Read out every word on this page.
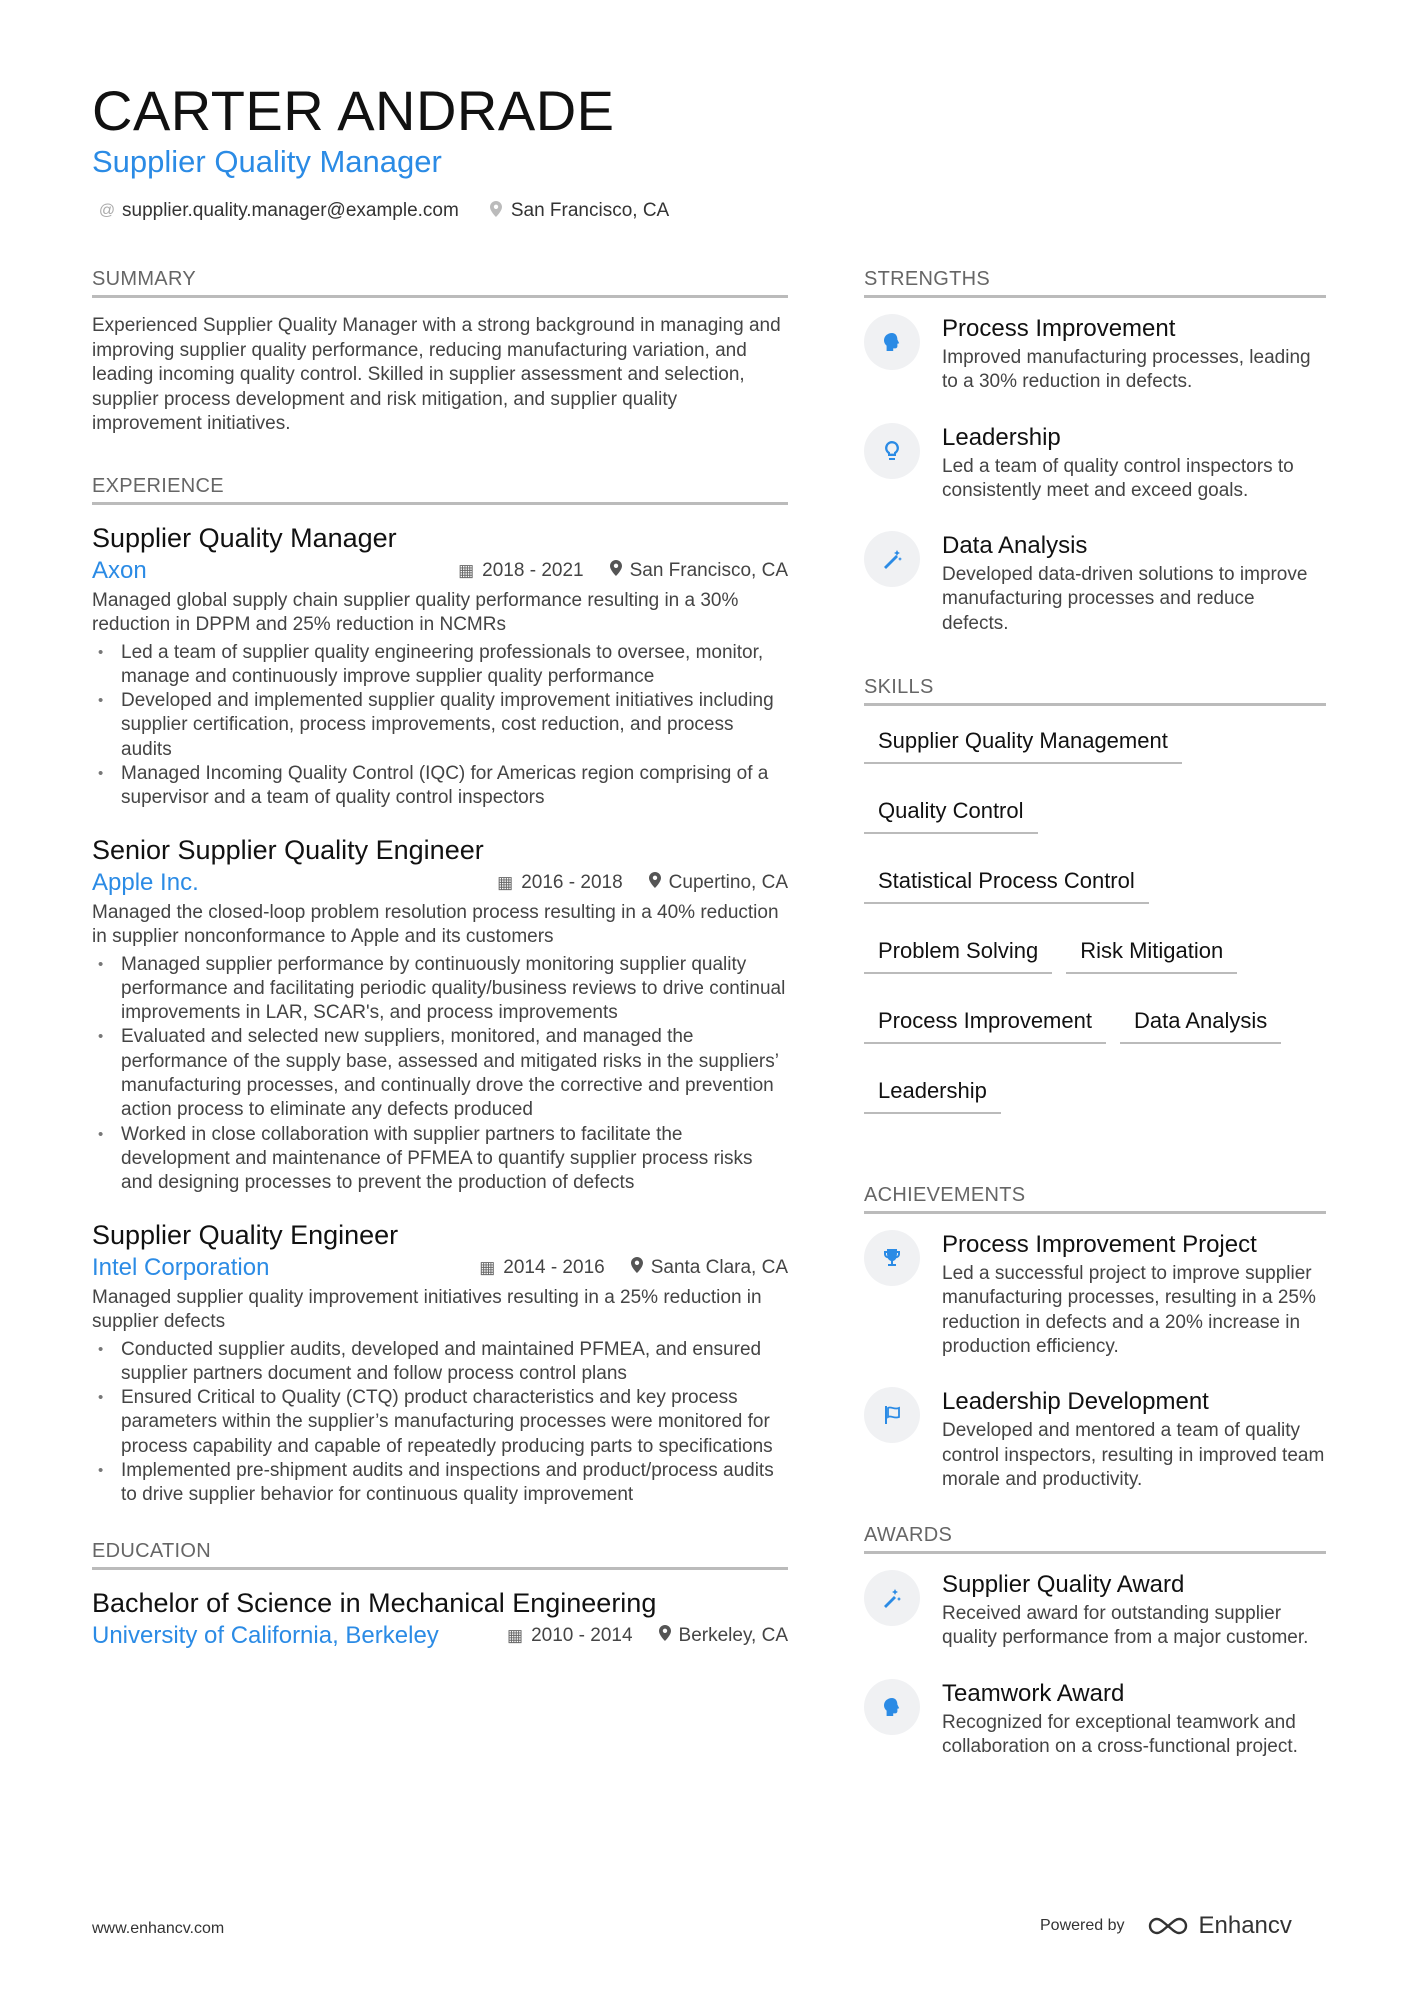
CARTER ANDRADE
Supplier Quality Manager
@ supplier.quality.manager@example.com	San Francisco, CA
SUMMARY
Experienced Supplier Quality Manager with a strong background in managing and improving supplier quality performance, reducing manufacturing variation, and leading incoming quality control. Skilled in supplier assessment and selection, supplier process development and risk mitigation, and supplier quality improvement initiatives.
EXPERIENCE
Supplier Quality Manager
Axon	▦ 2018 - 2021 San Francisco, CA
Managed global supply chain supplier quality performance resulting in a 30% reduction in DPPM and 25% reduction in NCMRs
• Led a team of supplier quality engineering professionals to oversee, monitor, manage and continuously improve supplier quality performance
• Developed and implemented supplier quality improvement initiatives including supplier certification, process improvements, cost reduction, and process audits
• Managed Incoming Quality Control (IQC) for Americas region comprising of a supervisor and a team of quality control inspectors
Senior Supplier Quality Engineer
Apple Inc.	▦ 2016 - 2018 Cupertino, CA
Managed the closed-loop problem resolution process resulting in a 40% reduction in supplier nonconformance to Apple and its customers
• Managed supplier performance by continuously monitoring supplier quality performance and facilitating periodic quality/business reviews to drive continual improvements in LAR, SCAR's, and process improvements
• Evaluated and selected new suppliers, monitored, and managed the performance of the supply base, assessed and mitigated risks in the suppliers’ manufacturing processes, and continually drove the corrective and prevention action process to eliminate any defects produced
• Worked in close collaboration with supplier partners to facilitate the development and maintenance of PFMEA to quantify supplier process risks and designing processes to prevent the production of defects
Supplier Quality Engineer
Intel Corporation	▦ 2014 - 2016 Santa Clara, CA
Managed supplier quality improvement initiatives resulting in a 25% reduction in supplier defects
• Conducted supplier audits, developed and maintained PFMEA, and ensured supplier partners document and follow process control plans
• Ensured Critical to Quality (CTQ) product characteristics and key process parameters within the supplier’s manufacturing processes were monitored for process capability and capable of repeatedly producing parts to specifications
• Implemented pre-shipment audits and inspections and product/process audits to drive supplier behavior for continuous quality improvement
EDUCATION
Bachelor of Science in Mechanical Engineering
University of California, Berkeley	▦ 2010 - 2014 Berkeley, CA
STRENGTHS
Process Improvement
Improved manufacturing processes, leading to a 30% reduction in defects.
Leadership
Led a team of quality control inspectors to consistently meet and exceed goals.
Data Analysis
Developed data-driven solutions to improve manufacturing processes and reduce defects.
SKILLS
Supplier Quality Management
Quality Control
Statistical Process Control
Problem Solving	Risk Mitigation
Process Improvement	Data Analysis
Leadership
ACHIEVEMENTS
Process Improvement Project
Led a successful project to improve supplier manufacturing processes, resulting in a 25% reduction in defects and a 20% increase in production efficiency.
Leadership Development
Developed and mentored a team of quality control inspectors, resulting in improved team morale and productivity.
AWARDS
Supplier Quality Award
Received award for outstanding supplier quality performance from a major customer.
Teamwork Award
Recognized for exceptional teamwork and collaboration on a cross-functional project.
www.enhancv.com	Powered by	Enhancv
